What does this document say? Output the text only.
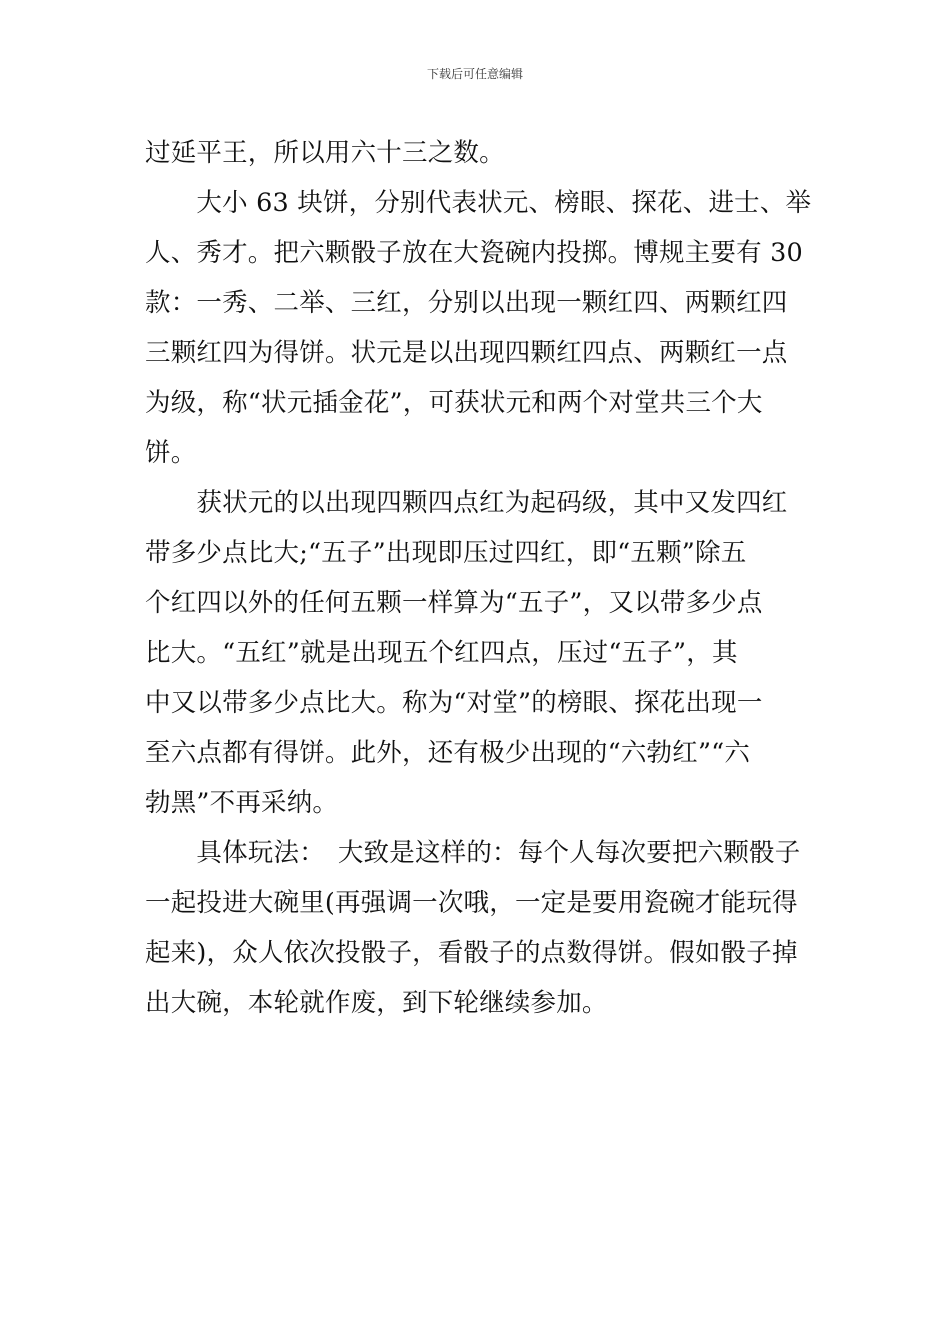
下载后可任意编辑
过延平王，所以用六十三之数。
　　大小 63 块饼，分别代表状元、榜眼、探花、进士、举
人、秀才。把六颗骰子放在大瓷碗内投掷。博规主要有 30
款：一秀、二举、三红，分别以出现一颗红四、两颗红四
三颗红四为得饼。状元是以出现四颗红四点、两颗红一点
为级，称“状元插金花”，可获状元和两个对堂共三个大
饼。
　　获状元的以出现四颗四点红为起码级，其中又发四红
带多少点比大;“五子”出现即压过四红，即“五颗”除五
个红四以外的任何五颗一样算为“五子”，又以带多少点
比大。“五红”就是出现五个红四点，压过“五子”，其
中又以带多少点比大。称为“对堂”的榜眼、探花出现一
至六点都有得饼。此外，还有极少出现的“六勃红”“六
勃黑”不再采纳。
　　具体玩法：　大致是这样的：每个人每次要把六颗骰子
一起投进大碗里(再强调一次哦，一定是要用瓷碗才能玩得
起来)，众人依次投骰子，看骰子的点数得饼。假如骰子掉
出大碗，本轮就作废，到下轮继续参加。
